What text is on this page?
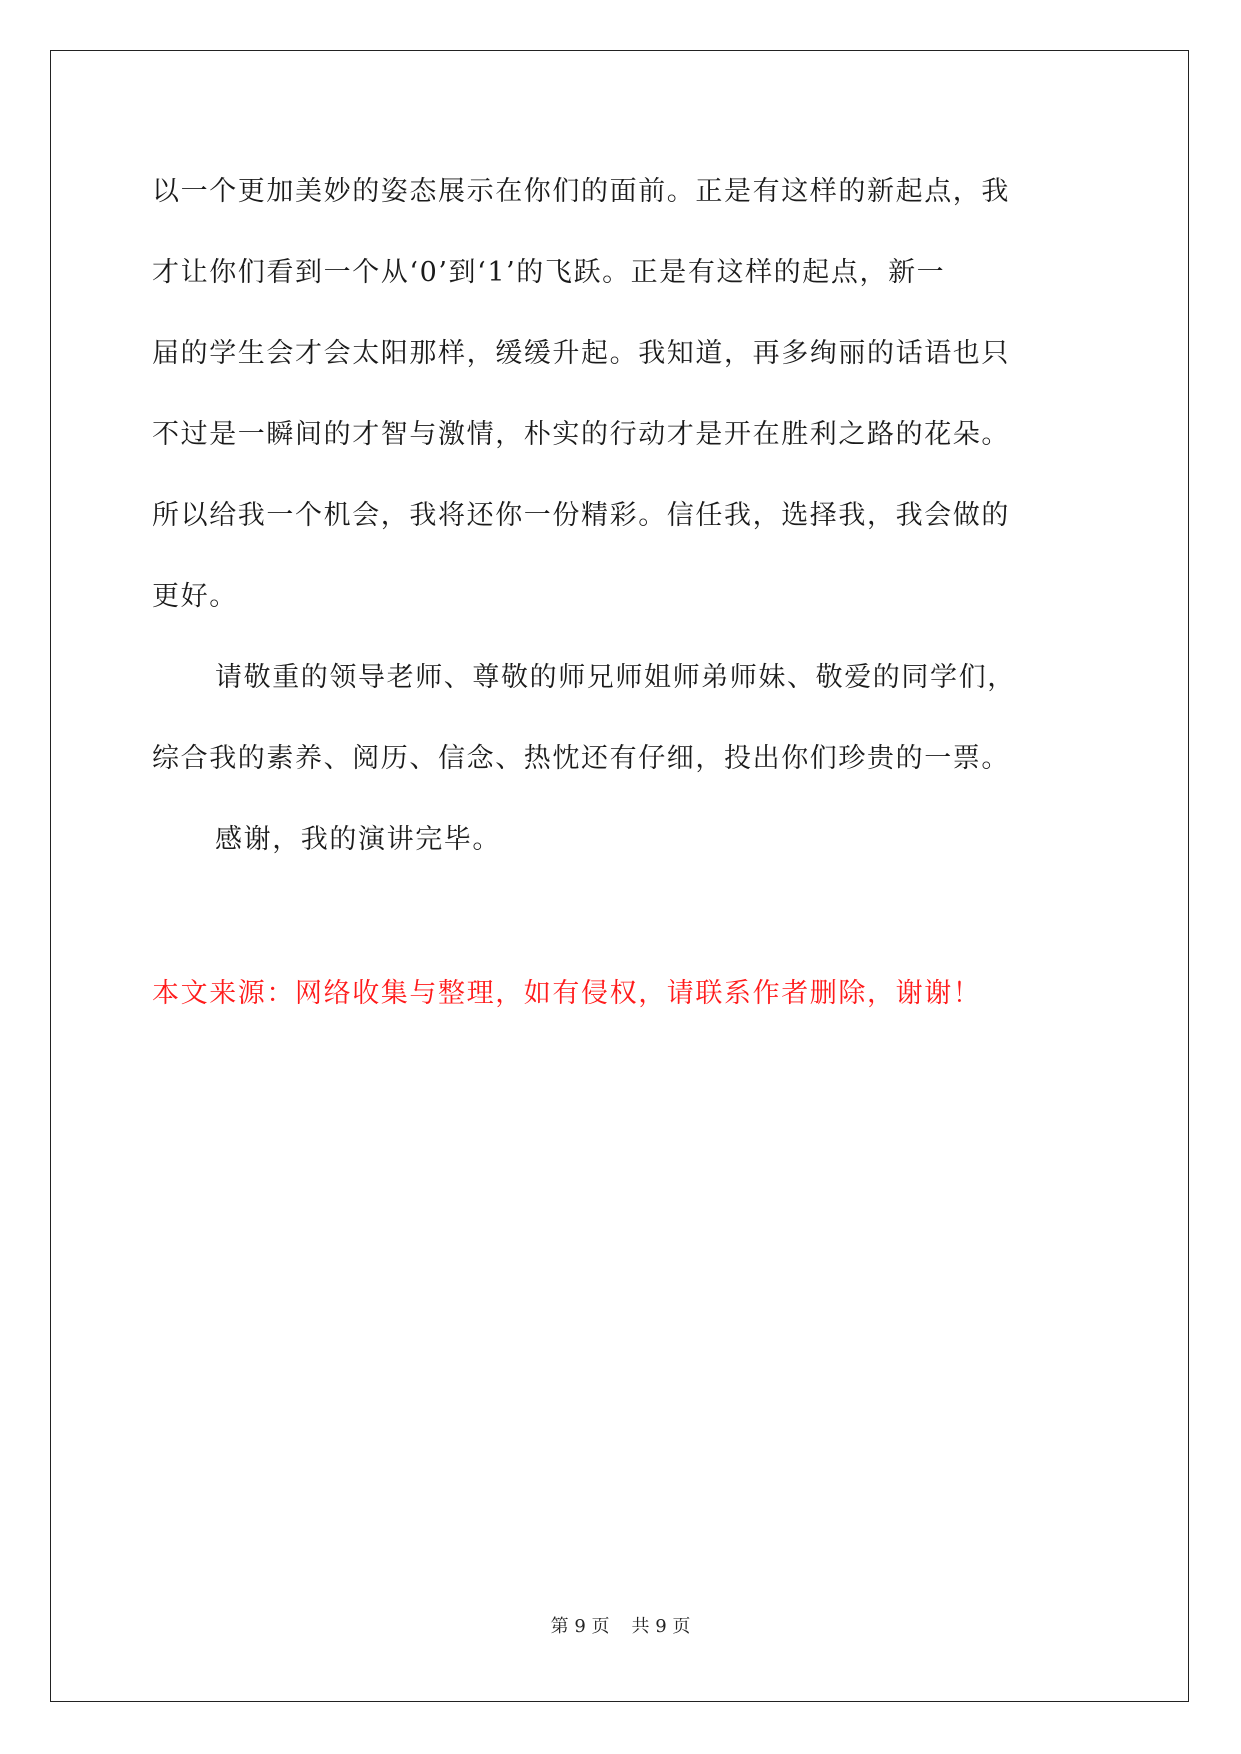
以一个更加美妙的姿态展示在你们的面前。正是有这样的新起点，我
才让你们看到一个从‘0’到‘1’的飞跃。正是有这样的起点，新一
届的学生会才会太阳那样，缓缓升起。我知道，再多绚丽的话语也只
不过是一瞬间的才智与激情，朴实的行动才是开在胜利之路的花朵。
所以给我一个机会，我将还你一份精彩。信任我，选择我，我会做的
更好。
请敬重的领导老师、尊敬的师兄师姐师弟师妹、敬爱的同学们，
综合我的素养、阅历、信念、热忱还有仔细，投出你们珍贵的一票。
感谢，我的演讲完毕。
本文来源：网络收集与整理，如有侵权，请联系作者删除，谢谢！
第 9 页 共 9 页
